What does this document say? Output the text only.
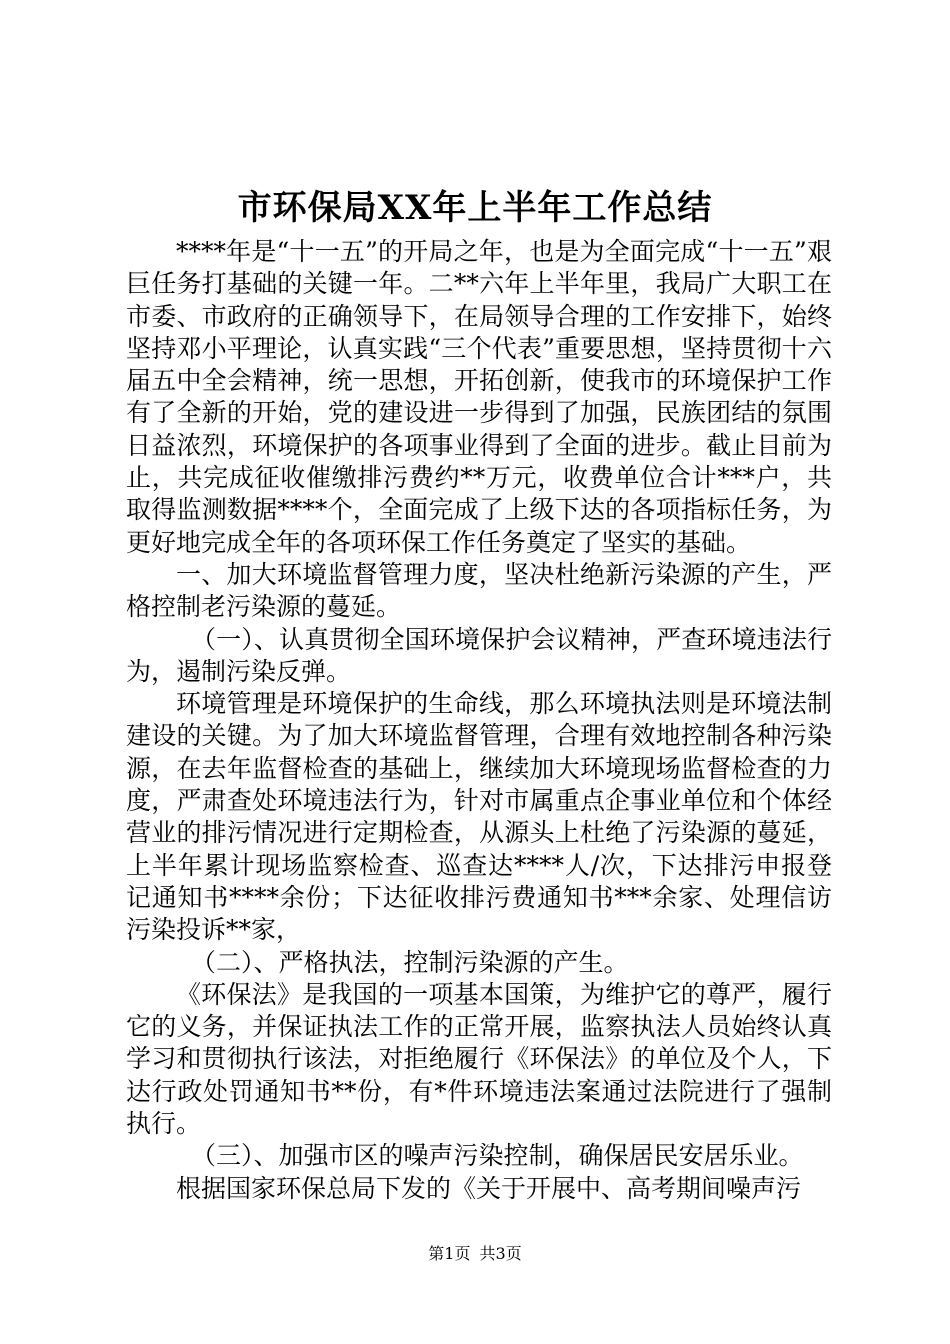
市环保局XX年上半年工作总结

****年是“十一五”的开局之年，也是为全面完成“十一五”艰巨任务打基础的关键一年。二**六年上半年里，我局广大职工在市委、市政府的正确领导下，在局领导合理的工作安排下，始终坚持邓小平理论，认真实践“三个代表”重要思想，坚持贯彻十六届五中全会精神，统一思想，开拓创新，使我市的环境保护工作有了全新的开始，党的建设进一步得到了加强，民族团结的氛围日益浓烈，环境保护的各项事业得到了全面的进步。截止目前为止，共完成征收催缴排污费约**万元，收费单位合计***户，共取得监测数据****个，全面完成了上级下达的各项指标任务，为更好地完成全年的各项环保工作任务奠定了坚实的基础。

一、加大环境监督管理力度，坚决杜绝新污染源的产生，严格控制老污染源的蔓延。

（一）、认真贯彻全国环境保护会议精神，严查环境违法行为，遏制污染反弹。

环境管理是环境保护的生命线，那么环境执法则是环境法制建设的关键。为了加大环境监督管理，合理有效地控制各种污染源，在去年监督检查的基础上，继续加大环境现场监督检查的力度，严肃查处环境违法行为，针对市属重点企事业单位和个体经营业的排污情况进行定期检查，从源头上杜绝了污染源的蔓延，上半年累计现场监察检查、巡查达****人/次，下达排污申报登记通知书****余份；下达征收排污费通知书***余家、处理信访污染投诉**家，

（二）、严格执法，控制污染源的产生。

《环保法》是我国的一项基本国策，为维护它的尊严，履行它的义务，并保证执法工作的正常开展，监察执法人员始终认真学习和贯彻执行该法，对拒绝履行《环保法》的单位及个人，下达行政处罚通知书**份，有*件环境违法案通过法院进行了强制执行。

（三）、加强市区的噪声污染控制，确保居民安居乐业。

根据国家环保总局下发的《关于开展中、高考期间噪声污

第1页 共3页
